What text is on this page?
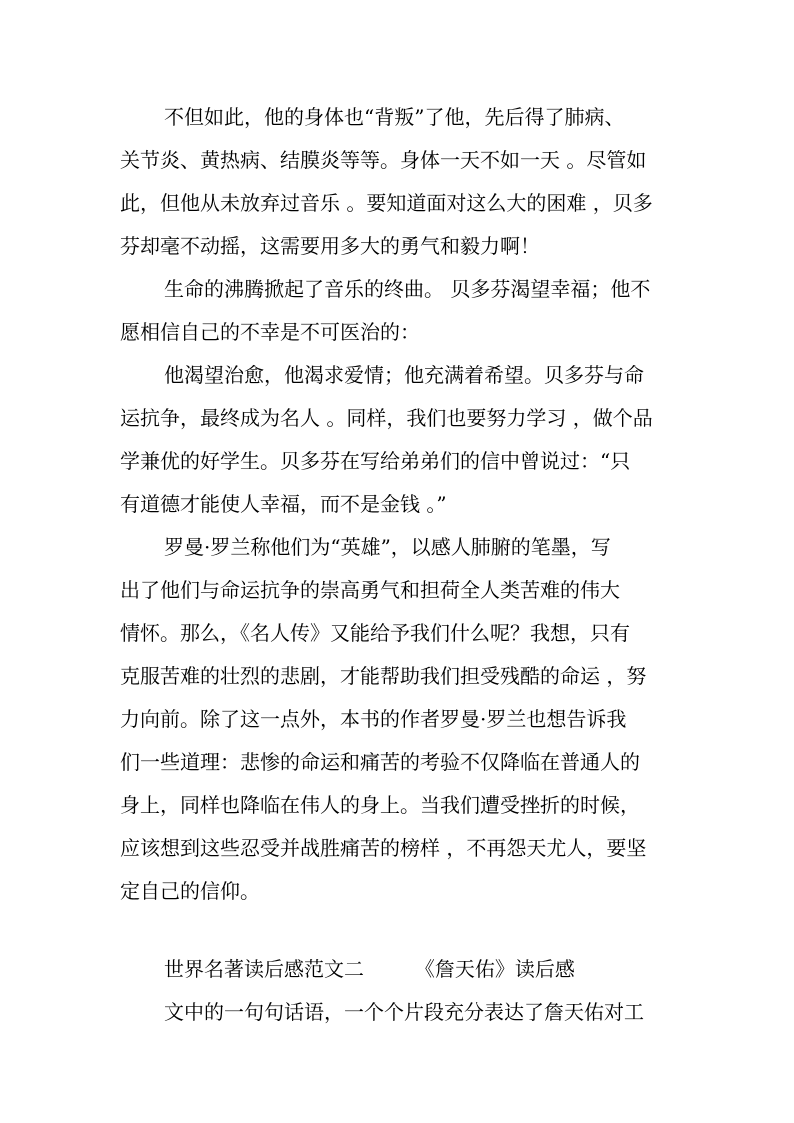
不但如此，他的身体也“背叛”了他，先后得了肺病、
关节炎、黄热病、结膜炎等等。身体一天不如一天 。尽管如
此，但他从未放弃过音乐 。要知道面对这么大的困难 ，贝多
芬却毫不动摇，这需要用多大的勇气和毅力啊！
生命的沸腾掀起了音乐的终曲。 贝多芬渴望幸福；他不
愿相信自己的不幸是不可医治的：
他渴望治愈，他渴求爱情；他充满着希望。贝多芬与命
运抗争，最终成为名人 。同样，我们也要努力学习 ，做个品
学兼优的好学生。贝多芬在写给弟弟们的信中曾说过：“只
有道德才能使人幸福，而不是金钱 。”
罗曼·罗兰称他们为“英雄”，以感人肺腑的笔墨，写
出了他们与命运抗争的崇高勇气和担荷全人类苦难的伟大
情怀。那么，《名人传》又能给予我们什么呢？我想，只有
克服苦难的壮烈的悲剧，才能帮助我们担受残酷的命运 ，努
力向前。除了这一点外，本书的作者罗曼·罗兰也想告诉我
们一些道理：悲惨的命运和痛苦的考验不仅降临在普通人的
身上，同样也降临在伟人的身上。当我们遭受挫折的时候，
应该想到这些忍受并战胜痛苦的榜样 ，不再怨天尤人，要坚
定自己的信仰。
世界名著读后感范文二        《詹天佑》读后感
文中的一句句话语，一个个片段充分表达了詹天佑对工
